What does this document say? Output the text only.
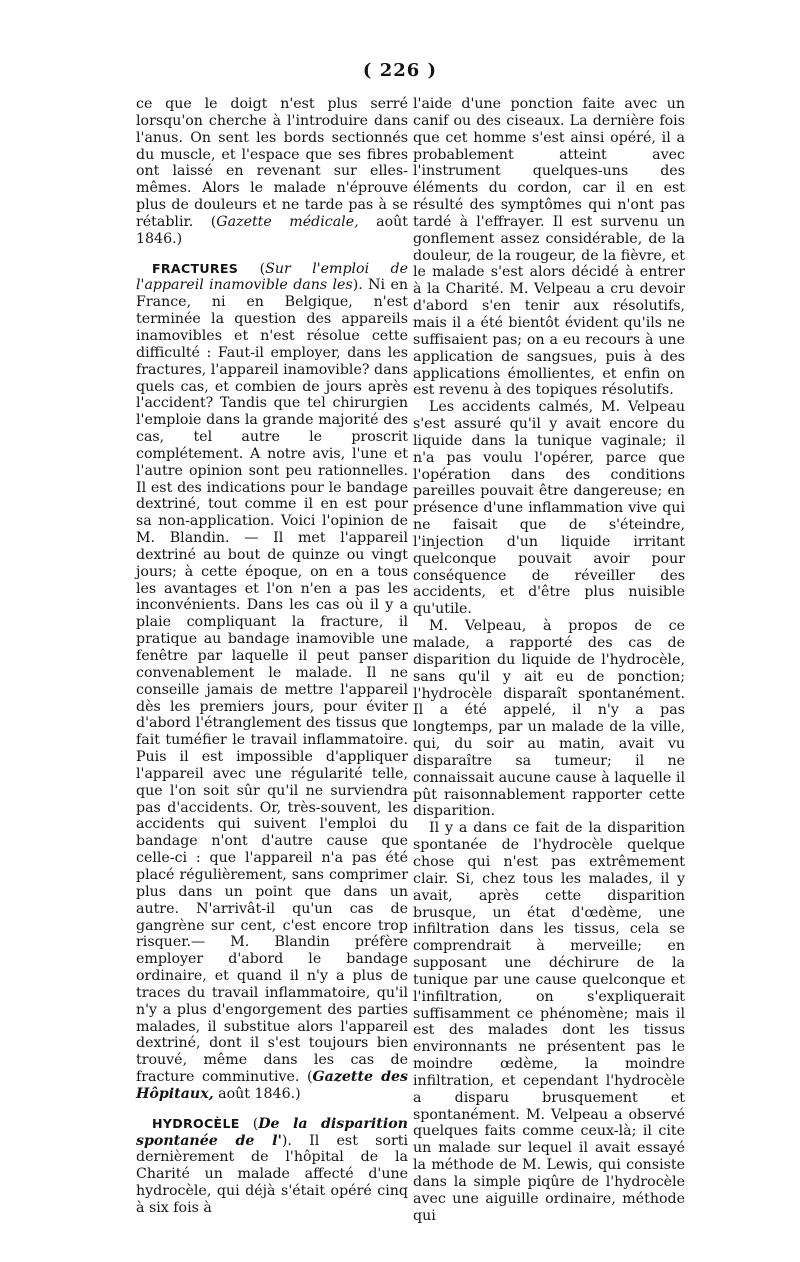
( 226 )

ce que le doigt n'est plus serré lorsqu'on cherche à l'introduire dans l'anus. On sent les bords sectionnés du muscle, et l'espace que ses fibres ont laissé en revenant sur elles-mêmes. Alors le malade n'éprouve plus de douleurs et ne tarde pas à se rétablir. (Gazette médicale, août 1846.)

FRACTURES (Sur l'emploi de l'appareil inamovible dans les). Ni en France, ni en Belgique, n'est terminée la question des appareils inamovibles et n'est résolue cette difficulté : Faut-il employer, dans les fractures, l'appareil inamovible? dans quels cas, et combien de jours après l'accident? Tandis que tel chirurgien l'emploie dans la grande majorité des cas, tel autre le proscrit complétement. A notre avis, l'une et l'autre opinion sont peu rationnelles. Il est des indications pour le bandage dextriné, tout comme il en est pour sa non-application. Voici l'opinion de M. Blandin. — Il met l'appareil dextriné au bout de quinze ou vingt jours; à cette époque, on en a tous les avantages et l'on n'en a pas les inconvénients. Dans les cas où il y a plaie compliquant la fracture, il pratique au bandage inamovible une fenêtre par laquelle il peut panser convenablement le malade. Il ne conseille jamais de mettre l'appareil dès les premiers jours, pour éviter d'abord l'étranglement des tissus que fait tuméfier le travail inflammatoire. Puis il est impossible d'appliquer l'appareil avec une régularité telle, que l'on soit sûr qu'il ne surviendra pas d'accidents. Or, très-souvent, les accidents qui suivent l'emploi du bandage n'ont d'autre cause que celle-ci : que l'appareil n'a pas été placé régulièrement, sans comprimer plus dans un point que dans un autre. N'arrivât-il qu'un cas de gangrène sur cent, c'est encore trop risquer.— M. Blandin préfère employer d'abord le bandage ordinaire, et quand il n'y a plus de traces du travail inflammatoire, qu'il n'y a plus d'engorgement des parties malades, il substitue alors l'appareil dextriné, dont il s'est toujours bien trouvé, même dans les cas de fracture comminutive. (Gazette des Hôpitaux, août 1846.)

HYDROCÈLE (De la disparition spontanée de l'). Il est sorti dernièrement de l'hôpital de la Charité un malade affecté d'une hydrocèle, qui déjà s'était opéré cinq à six fois à

l'aide d'une ponction faite avec un canif ou des ciseaux. La dernière fois que cet homme s'est ainsi opéré, il a probablement atteint avec l'instrument quelques-uns des éléments du cordon, car il en est résulté des symptômes qui n'ont pas tardé à l'effrayer. Il est survenu un gonflement assez considérable, de la douleur, de la rougeur, de la fièvre, et le malade s'est alors décidé à entrer à la Charité. M. Velpeau a cru devoir d'abord s'en tenir aux résolutifs, mais il a été bientôt évident qu'ils ne suffisaient pas; on a eu recours à une application de sangsues, puis à des applications émollientes, et enfin on est revenu à des topiques résolutifs.

Les accidents calmés, M. Velpeau s'est assuré qu'il y avait encore du liquide dans la tunique vaginale; il n'a pas voulu l'opérer, parce que l'opération dans des conditions pareilles pouvait être dangereuse; en présence d'une inflammation vive qui ne faisait que de s'éteindre, l'injection d'un liquide irritant quelconque pouvait avoir pour conséquence de réveiller des accidents, et d'être plus nuisible qu'utile.

M. Velpeau, à propos de ce malade, a rapporté des cas de disparition du liquide de l'hydrocèle, sans qu'il y ait eu de ponction; l'hydrocèle disparaît spontanément. Il a été appelé, il n'y a pas longtemps, par un malade de la ville, qui, du soir au matin, avait vu disparaître sa tumeur; il ne connaissait aucune cause à laquelle il pût raisonnablement rapporter cette disparition.

Il y a dans ce fait de la disparition spontanée de l'hydrocèle quelque chose qui n'est pas extrêmement clair. Si, chez tous les malades, il y avait, après cette disparition brusque, un état d'œdème, une infiltration dans les tissus, cela se comprendrait à merveille; en supposant une déchirure de la tunique par une cause quelconque et l'infiltration, on s'expliquerait suffisamment ce phénomène; mais il est des malades dont les tissus environnants ne présentent pas le moindre œdème, la moindre infiltration, et cependant l'hydrocèle a disparu brusquement et spontanément. M. Velpeau a observé quelques faits comme ceux-là; il cite un malade sur lequel il avait essayé la méthode de M. Lewis, qui consiste dans la simple piqûre de l'hydrocèle avec une aiguille ordinaire, méthode qui
